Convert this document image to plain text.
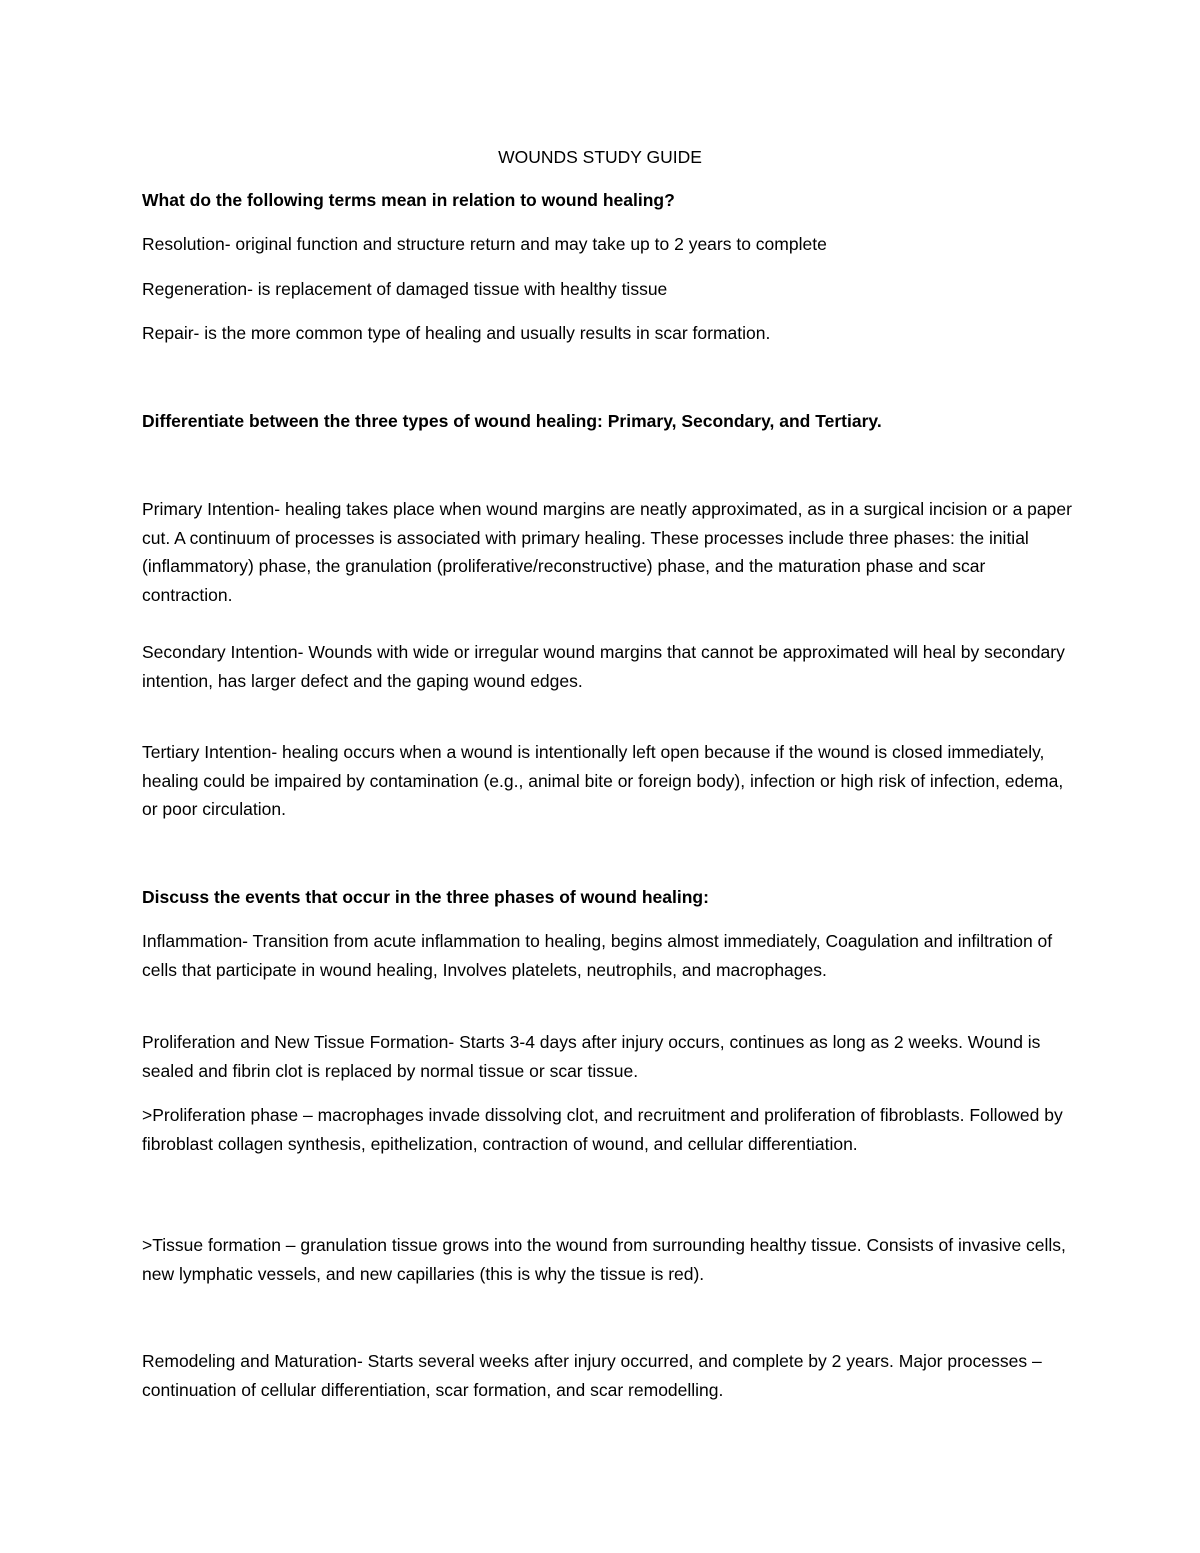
WOUNDS STUDY GUIDE

What do the following terms mean in relation to wound healing?

Resolution- original function and structure return and may take up to 2 years to complete

Regeneration- is replacement of damaged tissue with healthy tissue

Repair- is the more common type of healing and usually results in scar formation.

Differentiate between the three types of wound healing: Primary, Secondary, and Tertiary.

Primary Intention- healing takes place when wound margins are neatly approximated, as in a surgical incision or a paper cut. A continuum of processes is associated with primary healing. These processes include three phases: the initial (inflammatory) phase, the granulation (proliferative/reconstructive) phase, and the maturation phase and scar contraction.

Secondary Intention- Wounds with wide or irregular wound margins that cannot be approximated will heal by secondary intention, has larger defect and the gaping wound edges.

Tertiary Intention- healing occurs when a wound is intentionally left open because if the wound is closed immediately, healing could be impaired by contamination (e.g., animal bite or foreign body), infection or high risk of infection, edema, or poor circulation.

Discuss the events that occur in the three phases of wound healing:

Inflammation- Transition from acute inflammation to healing, begins almost immediately, Coagulation and infiltration of cells that participate in wound healing, Involves platelets, neutrophils, and macrophages.

Proliferation and New Tissue Formation- Starts 3-4 days after injury occurs, continues as long as 2 weeks. Wound is sealed and fibrin clot is replaced by normal tissue or scar tissue.

>Proliferation phase – macrophages invade dissolving clot, and recruitment and proliferation of fibroblasts. Followed by fibroblast collagen synthesis, epithelization, contraction of wound, and cellular differentiation.

>Tissue formation – granulation tissue grows into the wound from surrounding healthy tissue. Consists of invasive cells, new lymphatic vessels, and new capillaries (this is why the tissue is red).

Remodeling and Maturation- Starts several weeks after injury occurred, and complete by 2 years. Major processes – continuation of cellular differentiation, scar formation, and scar remodelling.
